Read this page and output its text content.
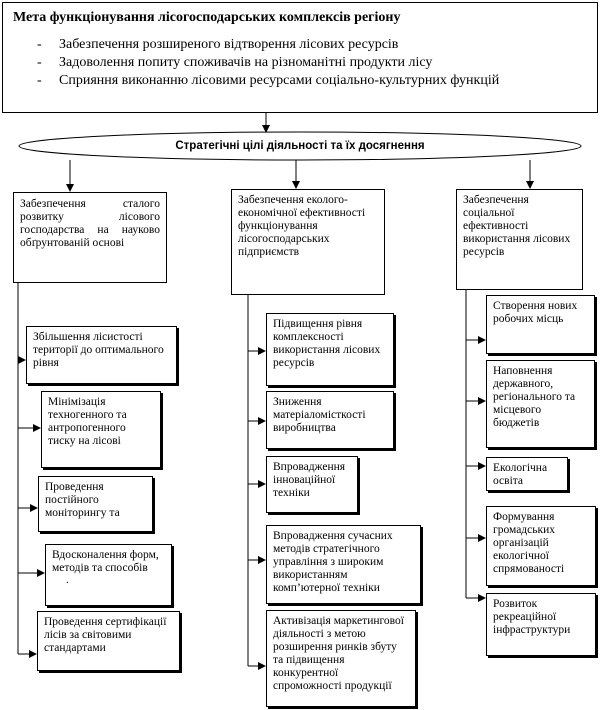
Мета функціонування лісогосподарських комплексів регіону
- Забезпечення розширеного відтворення лісових ресурсів
- Задоволення попиту споживачів на різноманітні продукти лісу
- Сприяння виконанню лісовими ресурсами соціально-культурних функцій
Стратегічні цілі діяльності та їх досягнення
Забезпечення сталого розвитку лісового господарства на науково обґрунтованій основі
Збільшення лісистості території до оптимального рівня
Мінімізація техногенного та антропогенного тиску на лісові
Проведення постійного моніторингу та
Вдосконалення форм, методів та способів
.
Проведення сертифікації лісів за світовими стандартами
Забезпечення еколого-економічної ефективності функціонування лісогосподарських підприємств
Підвищення рівня комплексності використання лісових ресурсів
Зниження матеріаломісткості виробництва
Впровадження інноваційної техніки
Впровадження сучасних методів стратегічного управління з широким використанням комп’ютерної техніки
Активізація маркетингової діяльності з метою розширення ринків збуту та підвищення конкурентної спроможності продукції
Забезпечення соціальної ефективності використання лісових ресурсів
Створення нових робочих місць
Наповнення державного, регіонального та місцевого бюджетів
Екологічна освіта
Формування громадських організацій екологічної спрямованості
Розвиток рекреаційної інфраструктури
